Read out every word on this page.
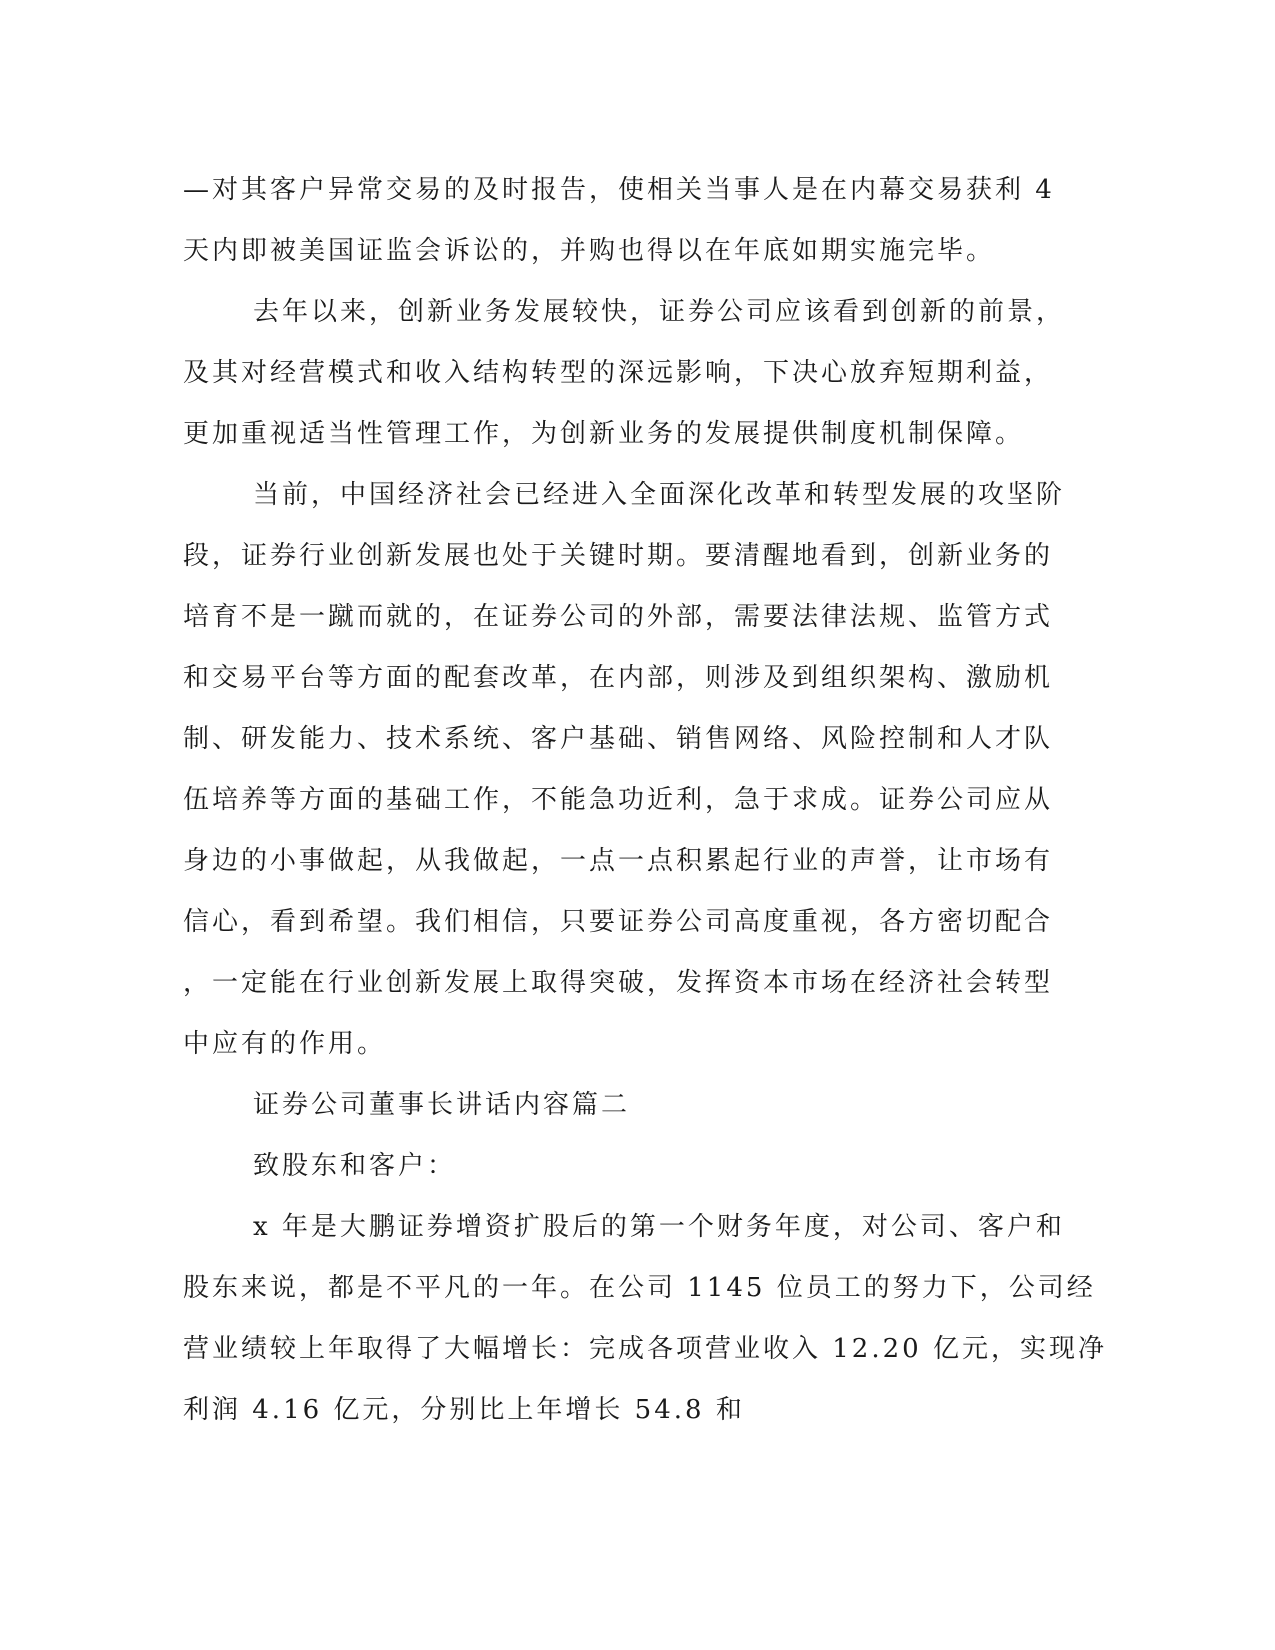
—对其客户异常交易的及时报告，使相关当事人是在内幕交易获利 4
天内即被美国证监会诉讼的，并购也得以在年底如期实施完毕。
去年以来，创新业务发展较快，证券公司应该看到创新的前景，
及其对经营模式和收入结构转型的深远影响，下决心放弃短期利益，
更加重视适当性管理工作，为创新业务的发展提供制度机制保障。
当前，中国经济社会已经进入全面深化改革和转型发展的攻坚阶
段，证券行业创新发展也处于关键时期。要清醒地看到，创新业务的
培育不是一蹴而就的，在证券公司的外部，需要法律法规、监管方式
和交易平台等方面的配套改革，在内部，则涉及到组织架构、激励机
制、研发能力、技术系统、客户基础、销售网络、风险控制和人才队
伍培养等方面的基础工作，不能急功近利，急于求成。证券公司应从
身边的小事做起，从我做起，一点一点积累起行业的声誉，让市场有
信心，看到希望。我们相信，只要证券公司高度重视，各方密切配合
，一定能在行业创新发展上取得突破，发挥资本市场在经济社会转型
中应有的作用。
证券公司董事长讲话内容篇二
致股东和客户：
x 年是大鹏证券增资扩股后的第一个财务年度，对公司、客户和
股东来说，都是不平凡的一年。在公司 1145 位员工的努力下，公司经
营业绩较上年取得了大幅增长：完成各项营业收入 12.20 亿元，实现净
利润 4.16 亿元，分别比上年增长 54.8 和
